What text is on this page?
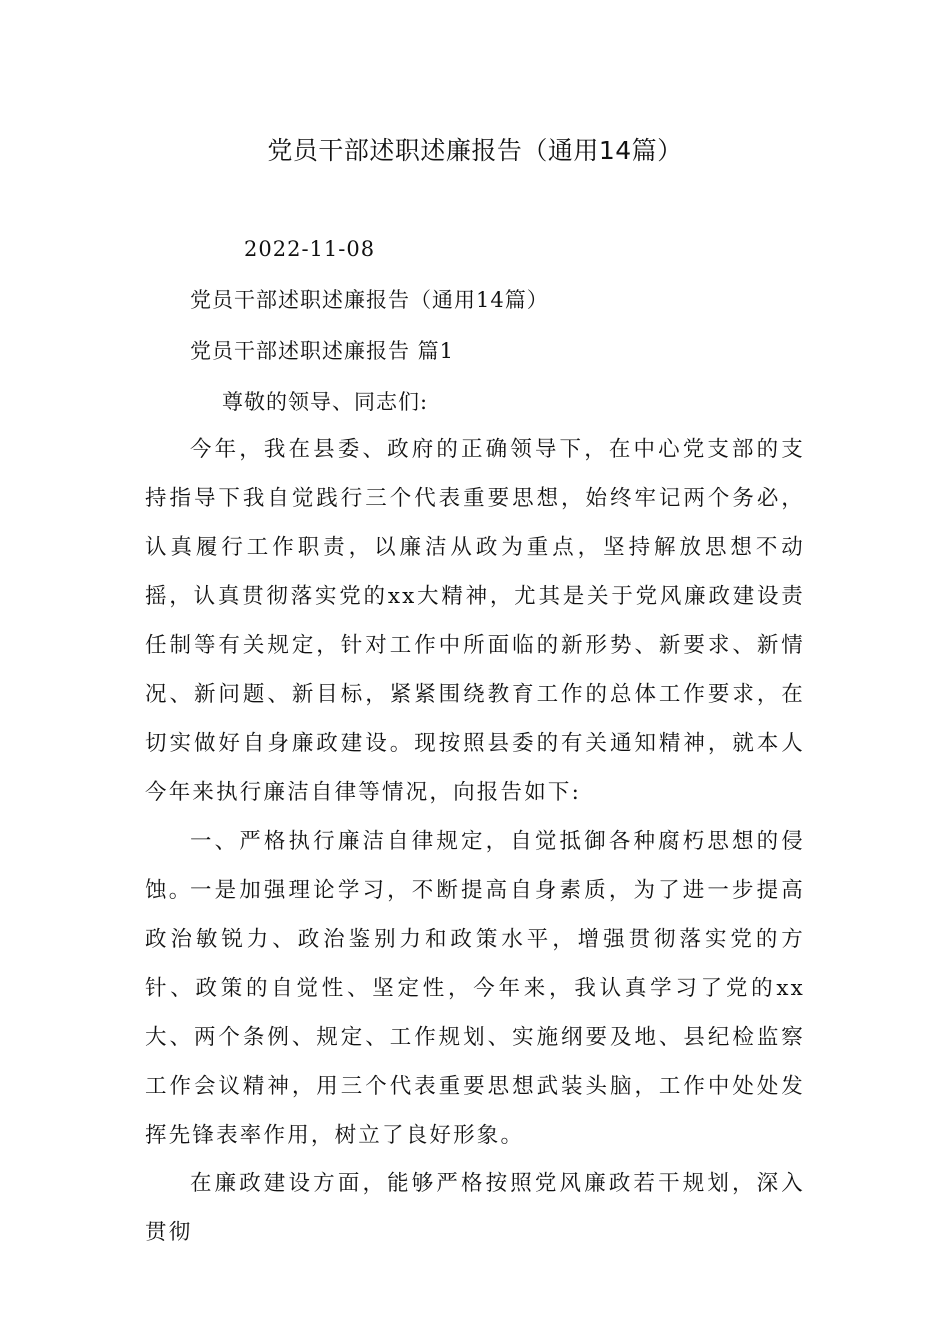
党员干部述职述廉报告（通用14篇）
2022-11-08
党员干部述职述廉报告（通用14篇）
党员干部述职述廉报告 篇1
尊敬的领导、同志们:

今年，我在县委、政府的正确领导下，在中心党支部的支持指导下我自觉践行三个代表重要思想，始终牢记两个务必，认真履行工作职责，以廉洁从政为重点，坚持解放思想不动摇，认真贯彻落实党的xx大精神，尤其是关于党风廉政建设责任制等有关规定，针对工作中所面临的新形势、新要求、新情况、新问题、新目标，紧紧围绕教育工作的总体工作要求，在切实做好自身廉政建设。现按照县委的有关通知精神，就本人今年来执行廉洁自律等情况，向报告如下:

一、严格执行廉洁自律规定，自觉抵御各种腐朽思想的侵蚀。

一是加强理论学习，不断提高自身素质，为了进一步提高政治敏锐力、政治鉴别力和政策水平，增强贯彻落实党的方针、政策的自觉性、坚定性，今年来，我认真学习了党的xx大、两个条例、规定、工作规划、实施纲要及地、县纪检监察工作会议精神，用三个代表重要思想武装头脑，工作中处处发挥先锋表率作用，树立了良好形象。

在廉政建设方面，能够严格按照党风廉政若干规划，深入贯彻
